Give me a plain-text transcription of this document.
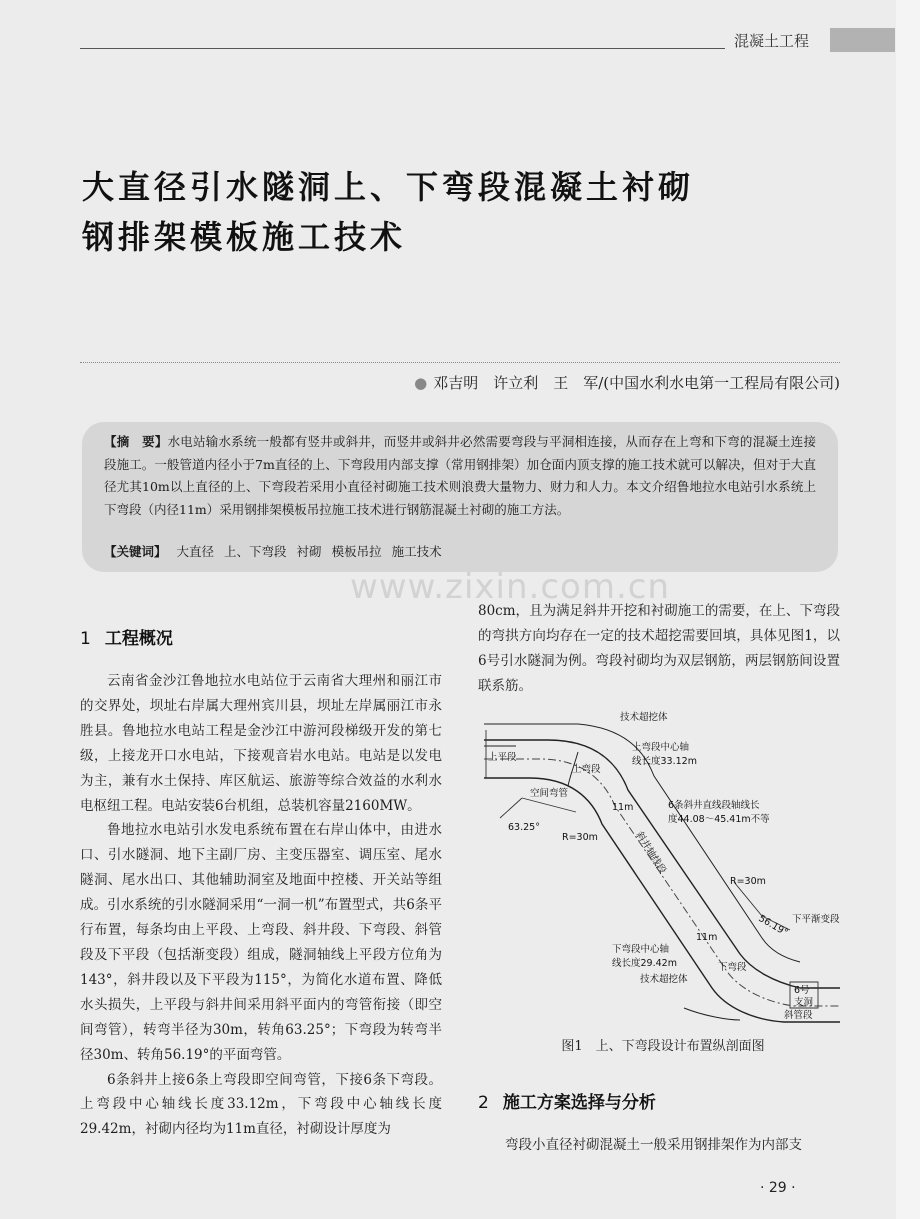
混凝土工程
大直径引水隧洞上、下弯段混凝土衬砌
钢排架模板施工技术
● 邓吉明　许立利　王　军/(中国水利水电第一工程局有限公司)
【摘　要】水电站输水系统一般都有竖井或斜井，而竖井或斜井必然需要弯段与平洞相连接，从而存在上弯和下弯的混凝土连接段施工。一般管道内径小于7m直径的上、下弯段用内部支撑（常用钢排架）加仓面内顶支撑的施工技术就可以解决，但对于大直径尤其10m以上直径的上、下弯段若采用小直径衬砌施工技术则浪费大量物力、财力和人力。本文介绍鲁地拉水电站引水系统上下弯段（内径11m）采用钢排架模板吊拉施工技术进行钢筋混凝土衬砌的施工方法。
【关键词】 大直径 上、下弯段 衬砌 模板吊拉 施工技术
www.zixin.com.cn
1 工程概况

云南省金沙江鲁地拉水电站位于云南省大理州和丽江市的交界处，坝址右岸属大理州宾川县，坝址左岸属丽江市永胜县。鲁地拉水电站工程是金沙江中游河段梯级开发的第七级，上接龙开口水电站，下接观音岩水电站。电站是以发电为主，兼有水土保持、库区航运、旅游等综合效益的水利水电枢纽工程。电站安装6台机组，总装机容量2160MW。

鲁地拉水电站引水发电系统布置在右岸山体中，由进水口、引水隧洞、地下主副厂房、主变压器室、调压室、尾水隧洞、尾水出口、其他辅助洞室及地面中控楼、开关站等组成。引水系统的引水隧洞采用“一洞一机”布置型式，共6条平行布置，每条均由上平段、上弯段、斜井段、下弯段、斜管段及下平段（包括渐变段）组成，隧洞轴线上平段方位角为143°，斜井段以及下平段为115°，为简化水道布置、降低水头损失，上平段与斜井间采用斜平面内的弯管衔接（即空间弯管），转弯半径为30m，转角63.25°；下弯段为转弯半径30m、转角56.19°的平面弯管。

6条斜井上接6条上弯段即空间弯管，下接6条下弯段。上弯段中心轴线长度33.12m，下弯段中心轴线长度29.42m，衬砌内径均为11m直径，衬砌设计厚度为

80cm，且为满足斜井开挖和衬砌施工的需要，在上、下弯段的弯拱方向均存在一定的技术超挖需要回填，具体见图1，以6号引水隧洞为例。弯段衬砌均为双层钢筋，两层钢筋间设置联系筋。

技术超挖体
上平段
上弯段
空间弯管
上弯段中心轴
线长度33.12m
6条斜井直线段轴线长
度44.08～45.41m不等
63.25°
R=30m
11m
斜井轴线段
R=30m
56.19° 下平渐变段
11m
下弯段中心轴
线长度29.42m	下弯段
技术超挖体
6号
支洞
斜管段
图1　上、下弯段设计布置纵剖面图
2 施工方案选择与分析

弯段小直径衬砌混凝土一般采用钢排架作为内部支

· 29 ·
